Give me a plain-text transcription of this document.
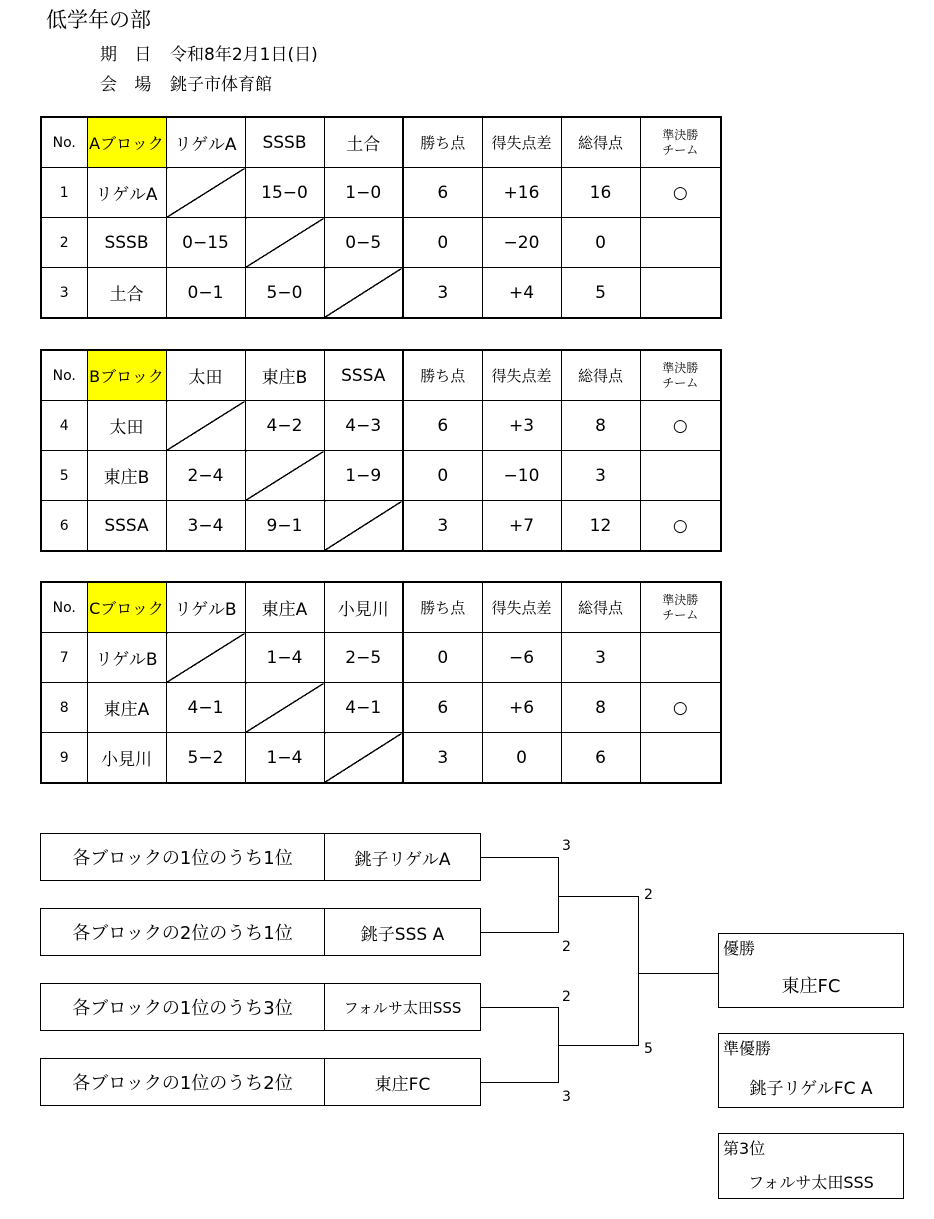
低学年の部
期 日 令和8年2月1日(日)
会 場 銚子市体育館
No.	Aブロック	リゲルA	SSSB	土合	勝ち点	得失点差	総得点	準決勝
チーム

1	リゲルA		15−0	1−0	6	+16	16	○
2	SSSB	0−15		0−5	0	−20	0	
3	土合	0−1	5−0		3	+4	5	
No.	Bブロック	太田	東庄B	SSSA	勝ち点	得失点差	総得点	準決勝
チーム

4	太田		4−2	4−3	6	+3	8	○
5	東庄B	2−4		1−9	0	−10	3	
6	SSSA	3−4	9−1		3	+7	12	○
No.	Cブロック	リゲルB	東庄A	小見川	勝ち点	得失点差	総得点	準決勝
チーム

7	リゲルB		1−4	2−5	0	−6	3	
8	東庄A	4−1		4−1	6	+6	8	○
9	小見川	5−2	1−4		3	0	6	
各ブロックの1位のうち1位	銚子リゲルA
各ブロックの2位のうち1位	銚子SSS A
各ブロックの1位のうち3位	フォルサ太田SSS
各ブロックの1位のうち2位	東庄FC
3
2
2
3
2
5
優勝
東庄FC
準優勝
銚子リゲルFC A
第3位
フォルサ太田SSS
